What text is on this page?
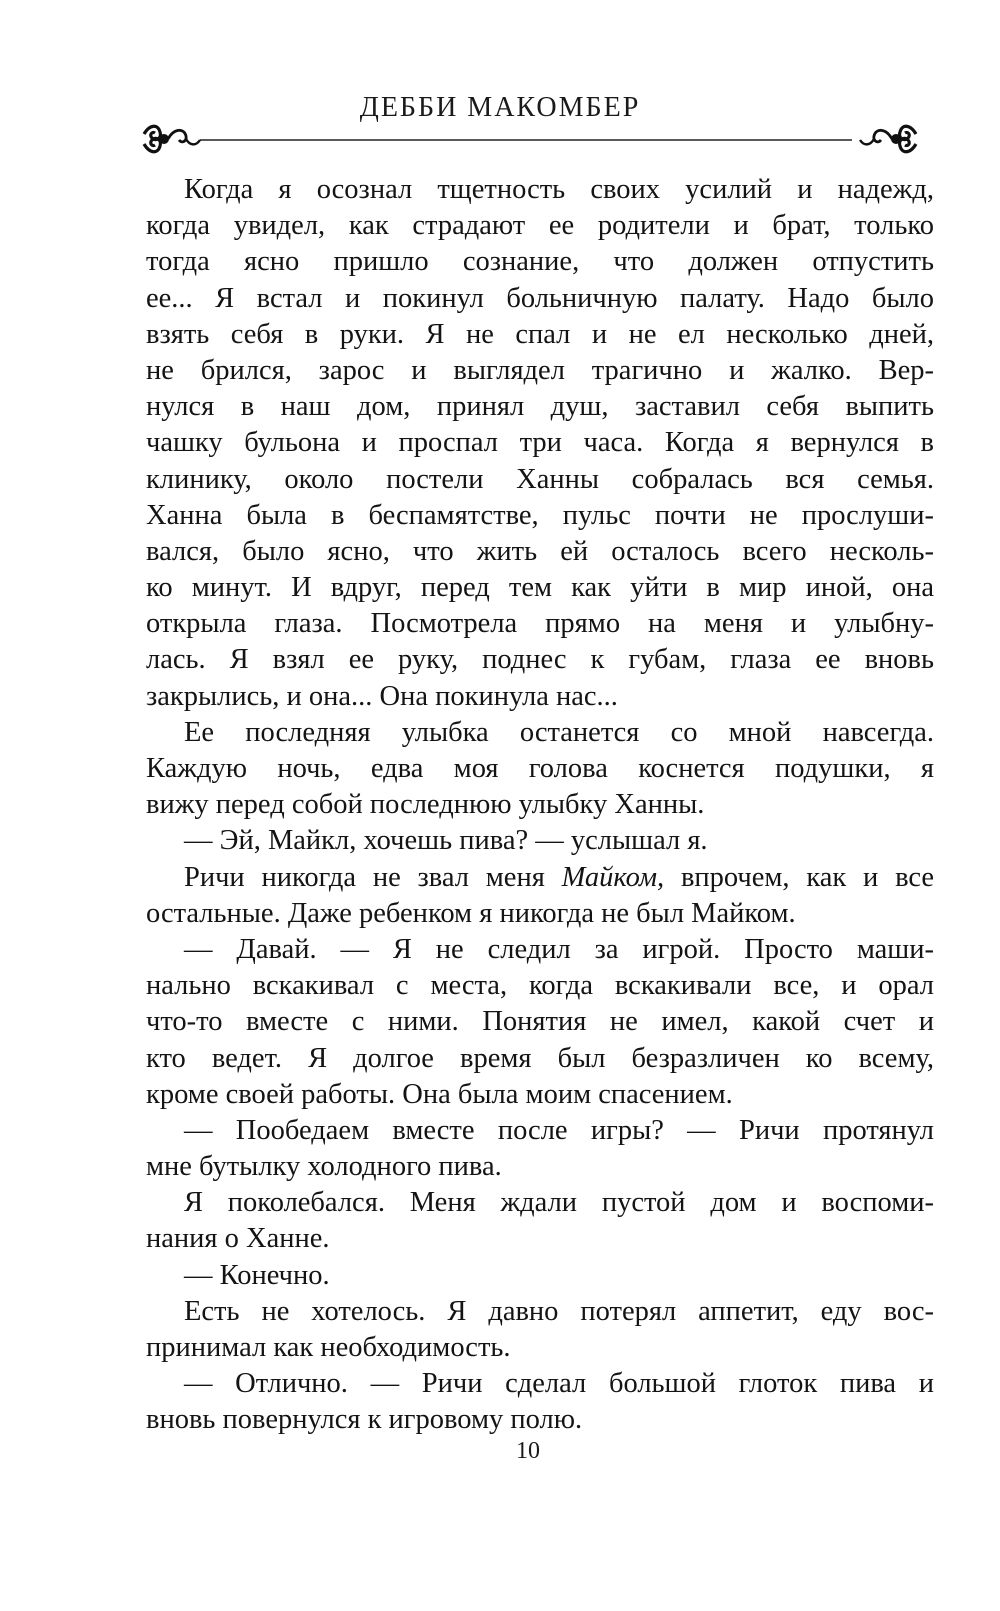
ДЕББИ МАКОМБЕР
Когда я осознал тщетность своих усилий и надежд,
когда увидел, как страдают ее родители и брат, только
тогда ясно пришло сознание, что должен отпустить
ее... Я встал и покинул больничную палату. Надо было
взять себя в руки. Я не спал и не ел несколько дней,
не брился, зарос и выглядел трагично и жалко. Вер-
нулся в наш дом, принял душ, заставил себя выпить
чашку бульона и проспал три часа. Когда я вернулся в
клинику, около постели Ханны собралась вся семья.
Ханна была в беспамятстве, пульс почти не прослуши-
вался, было ясно, что жить ей осталось всего несколь-
ко минут. И вдруг, перед тем как уйти в мир иной, она
открыла глаза. Посмотрела прямо на меня и улыбну-
лась. Я взял ее руку, поднес к губам, глаза ее вновь
закрылись, и она... Она покинула нас...
Ее последняя улыбка останется со мной навсегда.
Каждую ночь, едва моя голова коснется подушки, я
вижу перед собой последнюю улыбку Ханны.
— Эй, Майкл, хочешь пива? — услышал я.
Ричи никогда не звал меня Майком, впрочем, как и все
остальные. Даже ребенком я никогда не был Майком.
— Давай. — Я не следил за игрой. Просто маши-
нально вскакивал с места, когда вскакивали все, и орал
что-то вместе с ними. Понятия не имел, какой счет и
кто ведет. Я долгое время был безразличен ко всему,
кроме своей работы. Она была моим спасением.
— Пообедаем вместе после игры? — Ричи протянул
мне бутылку холодного пива.
Я поколебался. Меня ждали пустой дом и воспоми-
нания о Ханне.
— Конечно.
Есть не хотелось. Я давно потерял аппетит, еду вос-
принимал как необходимость.
— Отлично. — Ричи сделал большой глоток пива и
вновь повернулся к игровому полю.
10
